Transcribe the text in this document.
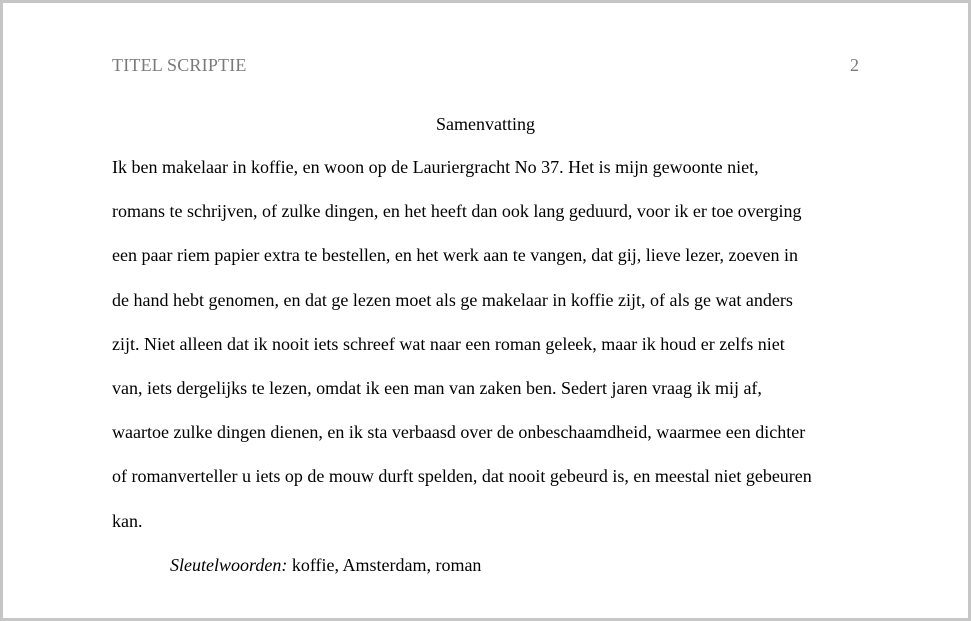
TITEL SCRIPTIE	2
Samenvatting

Ik ben makelaar in koffie, en woon op de Lauriergracht No 37. Het is mijn gewoonte niet,
romans te schrijven, of zulke dingen, en het heeft dan ook lang geduurd, voor ik er toe overging
een paar riem papier extra te bestellen, en het werk aan te vangen, dat gij, lieve lezer, zoeven in
de hand hebt genomen, en dat ge lezen moet als ge makelaar in koffie zijt, of als ge wat anders
zijt. Niet alleen dat ik nooit iets schreef wat naar een roman geleek, maar ik houd er zelfs niet
van, iets dergelijks te lezen, omdat ik een man van zaken ben. Sedert jaren vraag ik mij af,
waartoe zulke dingen dienen, en ik sta verbaasd over de onbeschaamdheid, waarmee een dichter
of romanverteller u iets op de mouw durft spelden, dat nooit gebeurd is, en meestal niet gebeuren
kan.

Sleutelwoorden: koffie, Amsterdam, roman
